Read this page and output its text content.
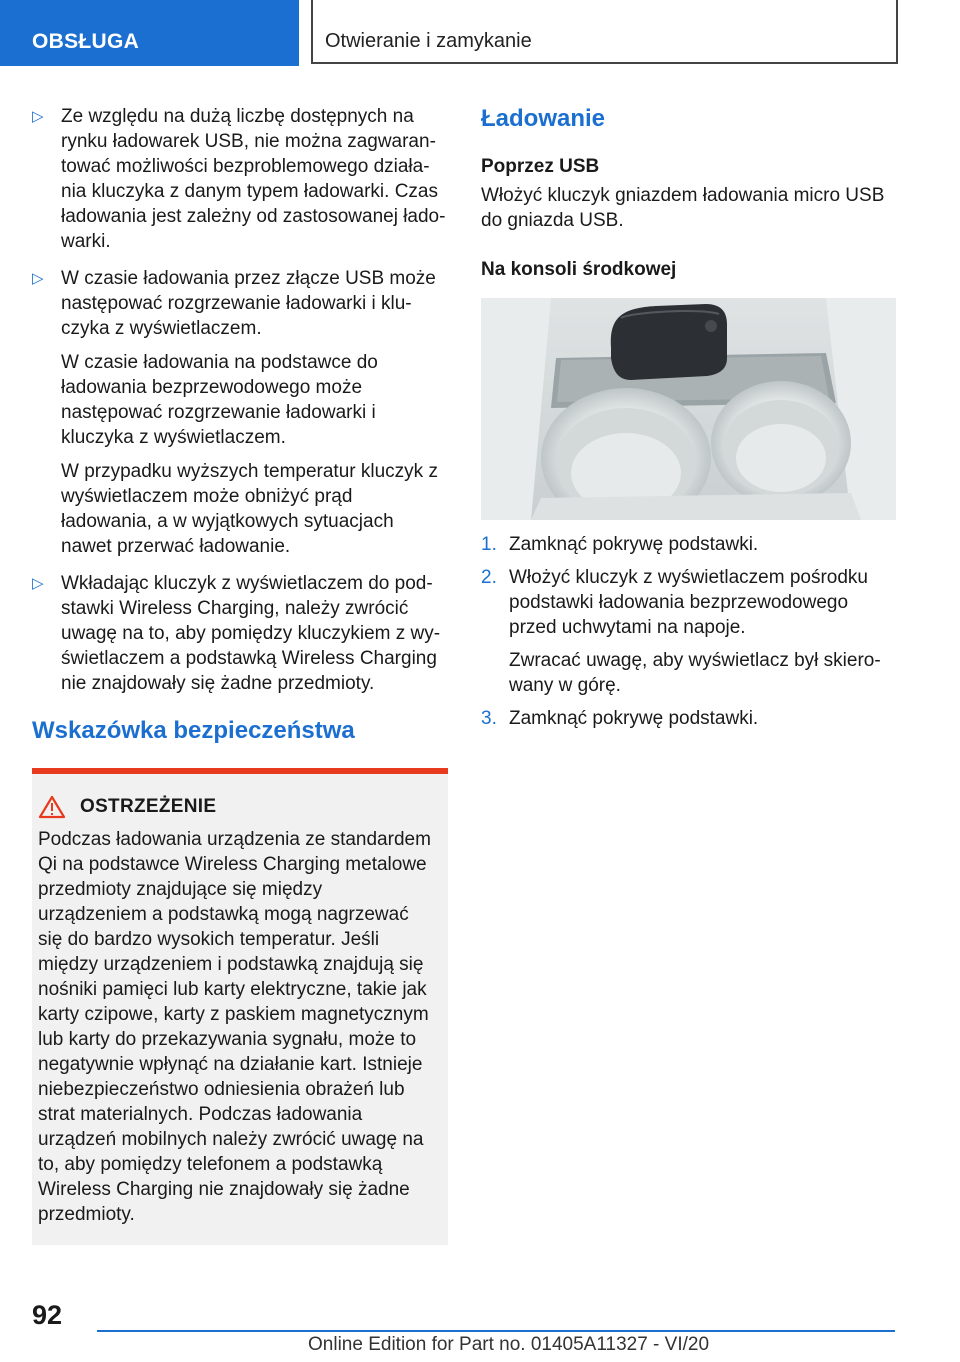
OBSŁUGA	Otwieranie i zamykanie
▷ Ze względu na dużą liczbę dostępnych na rynku ładowarek USB, nie można zagwarantować możliwości bezproblemowego działania kluczyka z danym typem ładowarki. Czas ładowania jest zależny od zastosowanej ładowarki.

▷ W czasie ładowania przez złącze USB może następować rozgrzewanie ładowarki i kluczyka z wyświetlaczem.

W czasie ładowania na podstawce do ładowania bezprzewodowego może następować rozgrzewanie ładowarki i kluczyka z wyświetlaczem.

W przypadku wyższych temperatur kluczyk z wyświetlaczem może obniżyć prąd ładowania, a w wyjątkowych sytuacjach nawet przerwać ładowanie.

▷ Wkładając kluczyk z wyświetlaczem do podstawki Wireless Charging, należy zwrócić uwagę na to, aby pomiędzy kluczykiem z wyświetlaczem a podstawką Wireless Charging nie znajdowały się żadne przedmioty.

Wskazówka bezpieczeństwa
OSTRZEŻENIE

Podczas ładowania urządzenia ze standardem Qi na podstawce Wireless Charging metalowe przedmioty znajdujące się między urządzeniem a podstawką mogą nagrzewać się do bardzo wysokich temperatur. Jeśli między urządzeniem i podstawką znajdują się nośniki pamięci lub karty elektryczne, takie jak karty czipowe, karty z paskiem magnetycznym lub karty do przekazywania sygnału, może to negatywnie wpłynąć na działanie kart. Istnieje niebezpieczeństwo odniesienia obrażeń lub strat materialnych. Podczas ładowania urządzeń mobilnych należy zwrócić uwagę na to, aby pomiędzy telefonem a podstawką Wireless Charging nie znajdowały się żadne przedmioty.

Ładowanie
Poprzez USB

Włożyć kluczyk gniazdem ładowania micro USB do gniazda USB.

Na konsoli środkowej
1. Zamknąć pokrywę podstawki.

2. Włożyć kluczyk z wyświetlaczem pośrodku podstawki ładowania bezprzewodowego przed uchwytami na napoje.

Zwracać uwagę, aby wyświetlacz był skierowany w górę.

3. Zamknąć pokrywę podstawki.

92
Online Edition for Part no. 01405A11327 - VI/20
